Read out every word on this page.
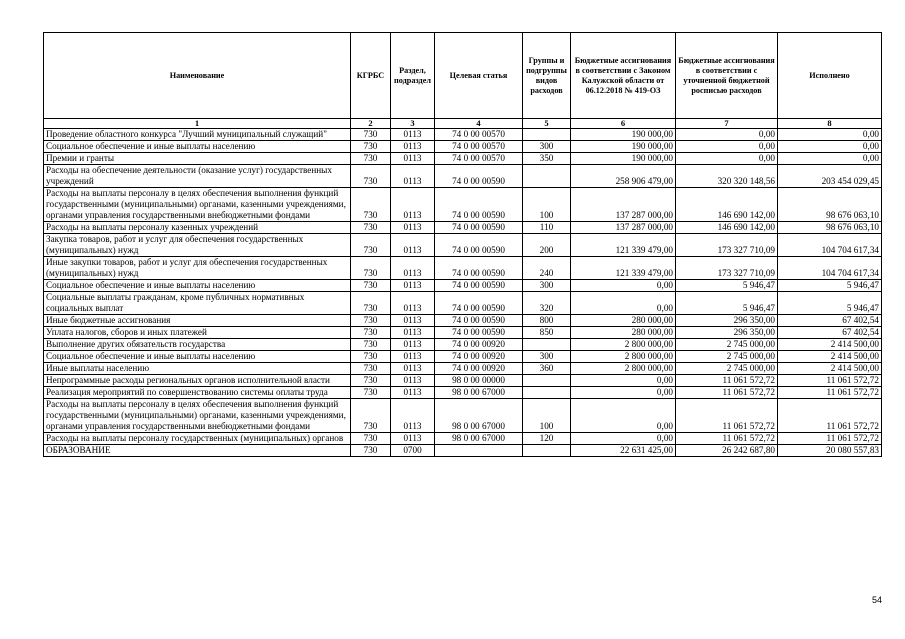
Наименование	КГРБС	Раздел, подраздел	Целевая статья	Группы и подгруппы видов расходов	Бюджетные ассигнования в соответствии с Законом Калужской области от 06.12.2018 № 419-ОЗ	Бюджетные ассигнования в соответствии с уточненной бюджетной росписью расходов	Исполнено
1	2	3	4	5	6	7	8
Проведение областного конкурса "Лучший муниципальный служащий"	730	0113	74 0 00 00570		190 000,00	0,00	0,00
Социальное обеспечение и иные выплаты населению	730	0113	74 0 00 00570	300	190 000,00	0,00	0,00
Премии и гранты	730	0113	74 0 00 00570	350	190 000,00	0,00	0,00
Расходы на обеспечение деятельности (оказание услуг) государственных учреждений	730	0113	74 0 00 00590		258 906 479,00	320 320 148,56	203 454 029,45
Расходы на выплаты персоналу в целях обеспечения выполнения функций государственными (муниципальными) органами, казенными учреждениями, органами управления государственными внебюджетными фондами	730	0113	74 0 00 00590	100	137 287 000,00	146 690 142,00	98 676 063,10
Расходы на выплаты персоналу казенных учреждений	730	0113	74 0 00 00590	110	137 287 000,00	146 690 142,00	98 676 063,10
Закупка товаров, работ и услуг для обеспечения государственных (муниципальных) нужд	730	0113	74 0 00 00590	200	121 339 479,00	173 327 710,09	104 704 617,34
Иные закупки товаров, работ и услуг для обеспечения государственных (муниципальных) нужд	730	0113	74 0 00 00590	240	121 339 479,00	173 327 710,09	104 704 617,34
Социальное обеспечение и иные выплаты населению	730	0113	74 0 00 00590	300	0,00	5 946,47	5 946,47
Социальные выплаты гражданам, кроме публичных нормативных социальных выплат	730	0113	74 0 00 00590	320	0,00	5 946,47	5 946,47
Иные бюджетные ассигнования	730	0113	74 0 00 00590	800	280 000,00	296 350,00	67 402,54
Уплата налогов, сборов и иных платежей	730	0113	74 0 00 00590	850	280 000,00	296 350,00	67 402,54
Выполнение других обязательств государства	730	0113	74 0 00 00920		2 800 000,00	2 745 000,00	2 414 500,00
Социальное обеспечение и иные выплаты населению	730	0113	74 0 00 00920	300	2 800 000,00	2 745 000,00	2 414 500,00
Иные выплаты населению	730	0113	74 0 00 00920	360	2 800 000,00	2 745 000,00	2 414 500,00
Непрограммные расходы региональных органов исполнительной власти	730	0113	98 0 00 00000		0,00	11 061 572,72	11 061 572,72
Реализация мероприятий по совершенствованию системы оплаты труда	730	0113	98 0 00 67000		0,00	11 061 572,72	11 061 572,72
Расходы на выплаты персоналу в целях обеспечения выполнения функций государственными (муниципальными) органами, казенными учреждениями, органами управления государственными внебюджетными фондами	730	0113	98 0 00 67000	100	0,00	11 061 572,72	11 061 572,72
Расходы на выплаты персоналу государственных (муниципальных) органов	730	0113	98 0 00 67000	120	0,00	11 061 572,72	11 061 572,72
ОБРАЗОВАНИЕ	730	0700			22 631 425,00	26 242 687,80	20 080 557,83
54
